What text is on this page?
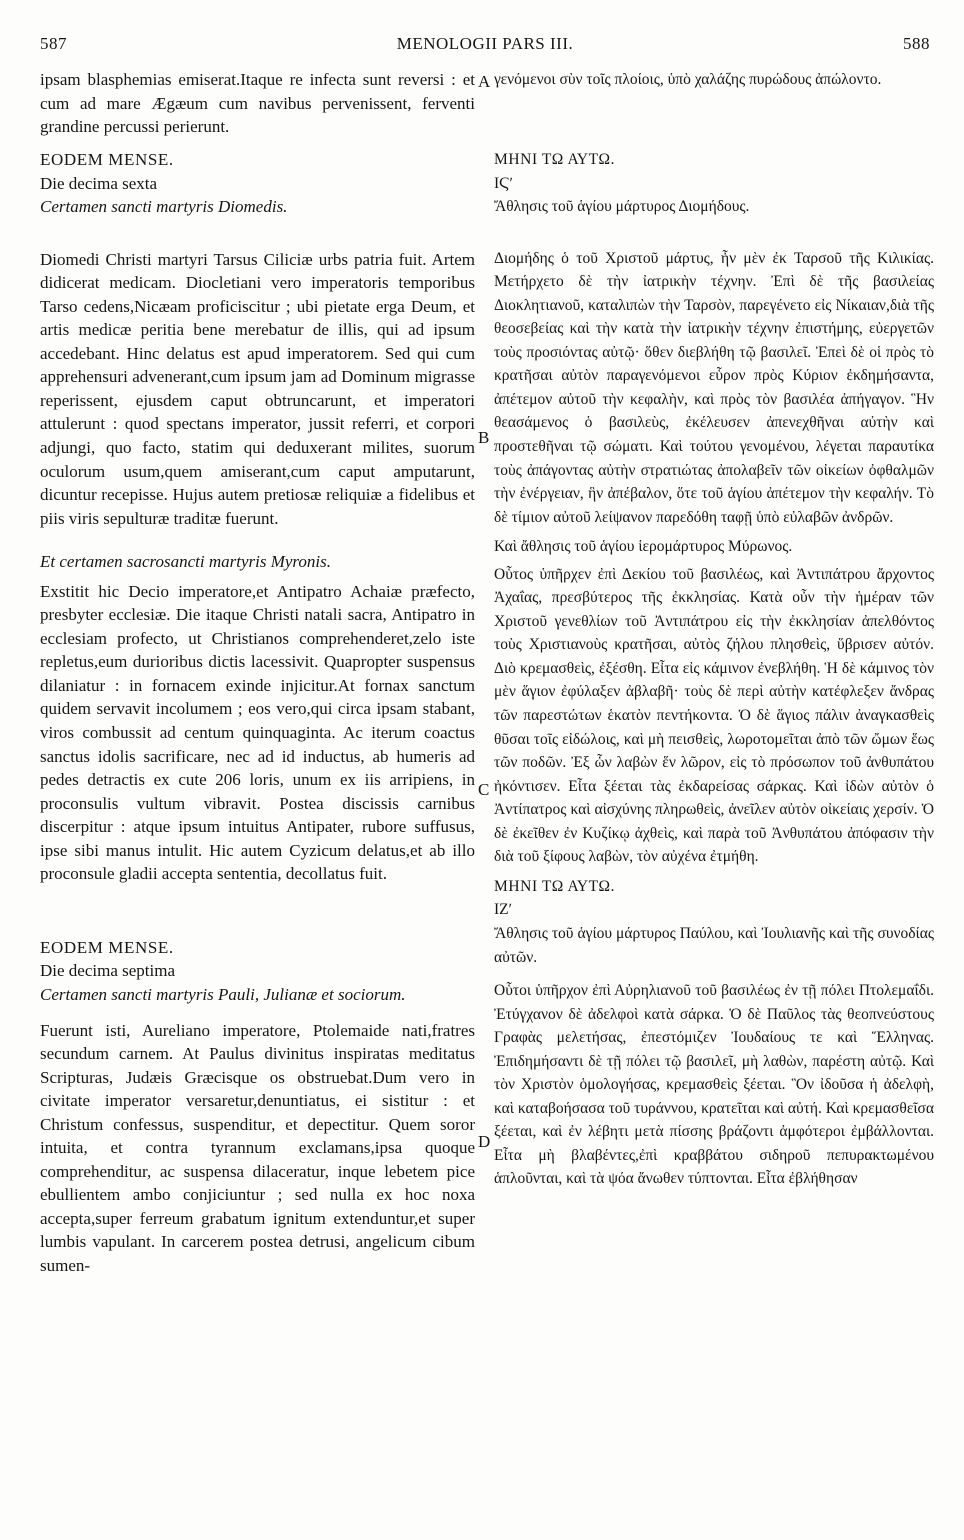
587	MENOLOGII PARS III.	588
A
B
C
D

ipsam blasphemias emiserat.Itaque re infecta sunt reversi : et cum ad mare Ægæum cum navibus pervenissent, ferventi grandine percussi perierunt.

EODEM MENSE.

Die decima sexta

Certamen sancti martyris Diomedis.

Diomedi Christi martyri Tarsus Ciliciæ urbs patria fuit. Artem didicerat medicam. Diocletiani vero imperatoris temporibus Tarso cedens,Nicæam proficiscitur ; ubi pietate erga Deum, et artis medicæ peritia bene merebatur de illis, qui ad ipsum accedebant. Hinc delatus est apud imperatorem. Sed qui cum apprehensuri advenerant,cum ipsum jam ad Dominum migrasse reperissent, ejusdem caput obtruncarunt, et imperatori attulerunt : quod spectans imperator, jussit referri, et corpori adjungi, quo facto, statim qui deduxerant milites, suorum oculorum usum,quem amiserant,cum caput amputarunt, dicuntur recepisse. Hujus autem pretiosæ reliquiæ a fidelibus et piis viris sepulturæ traditæ fuerunt.

Et certamen sacrosancti martyris Myronis.

Exstitit hic Decio imperatore,et Antipatro Achaiæ præfecto, presbyter ecclesiæ. Die itaque Christi natali sacra, Antipatro in ecclesiam profecto, ut Christianos comprehenderet,zelo iste repletus,eum durioribus dictis lacessivit. Quapropter suspensus dilaniatur : in fornacem exinde injicitur.At fornax sanctum quidem servavit incolumem ; eos vero,qui circa ipsam stabant, viros combussit ad centum quinquaginta. Ac iterum coactus sanctus idolis sacrificare, nec ad id inductus, ab humeris ad pedes detractis ex cute 206 loris, unum ex iis arripiens, in proconsulis vultum vibravit. Postea discissis carnibus discerpitur : atque ipsum intuitus Antipater, rubore suffusus, ipse sibi manus intulit. Hic autem Cyzicum delatus,et ab illo proconsule gladii accepta sententia, decollatus fuit.

EODEM MENSE.

Die decima septima

Certamen sancti martyris Pauli, Julianæ et sociorum.

Fuerunt isti, Aureliano imperatore, Ptolemaide nati,fratres secundum carnem. At Paulus divinitus inspiratas meditatus Scripturas, Judæis Græcisque os obstruebat.Dum vero in civitate imperator versaretur,denuntiatus, ei sistitur : et Christum confessus, suspenditur, et depectitur. Quem soror intuita, et contra tyrannum exclamans,ipsa quoque comprehenditur, ac suspensa dilaceratur, inque lebetem pice ebullientem ambo conjiciuntur ; sed nulla ex hoc noxa accepta,super ferreum grabatum ignitum extenduntur,et super lumbis vapulant. In carcerem postea detrusi, angelicum cibum sumen-

γενόμενοι σὺν τοῖς πλοίοις, ὑπὸ χαλάζης πυρώδους ἀπώλοντο.

ΜΗΝΙ ΤΩ ΑΥΤΩ.

ΙϚʹ

Ἄθλησις τοῦ ἁγίου μάρτυρος Διομήδους.

Διομήδης ὁ τοῦ Χριστοῦ μάρτυς, ἦν μὲν ἐκ Ταρσοῦ τῆς Κιλικίας. Μετήρχετο δὲ τὴν ἰατρικὴν τέχνην. Ἐπὶ δὲ τῆς βασιλείας Διοκλητιανοῦ, καταλιπὼν τὴν Ταρσὸν, παρεγένετο εἰς Νίκαιαν,διὰ τῆς θεοσεβείας καὶ τὴν κατὰ τὴν ἰατρικὴν τέχνην ἐπιστήμης, εὐεργετῶν τοὺς προσιόντας αὐτῷ· ὅθεν διεβλήθη τῷ βασιλεῖ. Ἐπεὶ δὲ οἱ πρὸς τὸ κρατῆσαι αὐτὸν παραγενόμενοι εὗρον πρὸς Κύριον ἐκδημήσαντα, ἀπέτεμον αὐτοῦ τὴν κεφαλὴν, καὶ πρὸς τὸν βασιλέα ἀπήγαγον. Ἣν θεασάμενος ὁ βασιλεὺς, ἐκέλευσεν ἀπενεχθῆναι αὐτὴν καὶ προστεθῆναι τῷ σώματι. Καὶ τούτου γενομένου, λέγεται παραυτίκα τοὺς ἀπάγοντας αὐτὴν στρατιώτας ἀπολαβεῖν τῶν οἰκείων ὀφθαλμῶν τὴν ἐνέργειαν, ἣν ἀπέβαλον, ὅτε τοῦ ἁγίου ἀπέτεμον τὴν κεφαλήν. Τὸ δὲ τίμιον αὐτοῦ λείψανον παρεδόθη ταφῇ ὑπὸ εὐλαβῶν ἀνδρῶν.

Καὶ ἄθλησις τοῦ ἁγίου ἱερομάρτυρος Μύρωνος.

Οὗτος ὑπῆρχεν ἐπὶ Δεκίου τοῦ βασιλέως, καὶ Ἀντιπάτρου ἄρχοντος Ἀχαΐας, πρεσβύτερος τῆς ἐκκλησίας. Κατὰ οὖν τὴν ἡμέραν τῶν Χριστοῦ γενεθλίων τοῦ Ἀντιπάτρου εἰς τὴν ἐκκλησίαν ἀπελθόντος τοὺς Χριστιανοὺς κρατῆσαι, αὐτὸς ζήλου πλησθεὶς, ὕβρισεν αὐτόν. Διὸ κρεμασθεὶς, ἐξέσθη. Εἶτα εἰς κάμινον ἐνεβλήθη. Ἡ δὲ κάμινος τὸν μὲν ἅγιον ἐφύλαξεν ἀβλαβῆ· τοὺς δὲ περὶ αὐτὴν κατέφλεξεν ἄνδρας τῶν παρεστώτων ἑκατὸν πεντήκοντα. Ὁ δὲ ἅγιος πάλιν ἀναγκασθεὶς θῦσαι τοῖς εἰδώλοις, καὶ μὴ πεισθεὶς, λωροτομεῖται ἀπὸ τῶν ὤμων ἕως τῶν ποδῶν. Ἐξ ὧν λαβὼν ἕν λῶρον, εἰς τὸ πρόσωπον τοῦ ἀνθυπάτου ἠκόντισεν. Εἶτα ξέεται τὰς ἐκδαρείσας σάρκας. Καὶ ἰδὼν αὐτὸν ὁ Ἀντίπατρος καὶ αἰσχύνης πληρωθεὶς, ἀνεῖλεν αὐτὸν οἰκείαις χερσίν. Ὁ δὲ ἐκεῖθεν ἐν Κυζίκῳ ἀχθεὶς, καὶ παρὰ τοῦ Ἀνθυπάτου ἀπόφασιν τὴν διὰ τοῦ ξίφους λαβὼν, τὸν αὐχένα ἐτμήθη.

ΜΗΝΙ ΤΩ ΑΥΤΩ.

ΙΖʹ

Ἄθλησις τοῦ ἁγίου μάρτυρος Παύλου, καὶ Ἰουλιανῆς καὶ τῆς συνοδίας αὐτῶν.

Οὗτοι ὑπῆρχον ἐπὶ Αὐρηλιανοῦ τοῦ βασιλέως ἐν τῇ πόλει Πτολεμαΐδι. Ἐτύγχανον δὲ ἀδελφοὶ κατὰ σάρκα. Ὁ δὲ Παῦλος τὰς θεοπνεύστους Γραφὰς μελετήσας, ἐπεστόμιζεν Ἰουδαίους τε καὶ Ἕλληνας. Ἐπιδημήσαντι δὲ τῇ πόλει τῷ βασιλεῖ, μὴ λαθὼν, παρέστη αὐτῷ. Καὶ τὸν Χριστὸν ὁμολογήσας, κρεμασθεὶς ξέεται. Ὃν ἰδοῦσα ἡ ἀδελφὴ, καὶ καταβοήσασα τοῦ τυράννου, κρατεῖται καὶ αὐτή. Καὶ κρεμασθεῖσα ξέεται, καὶ ἐν λέβητι μετὰ πίσσης βράζοντι ἀμφότεροι ἐμβάλλονται. Εἶτα μὴ βλαβέντες,ἐπὶ κραββάτου σιδηροῦ πεπυρακτωμένου ἁπλοῦνται, καὶ τὰ ψόα ἄνωθεν τύπτονται. Εἶτα ἐβλήθησαν
